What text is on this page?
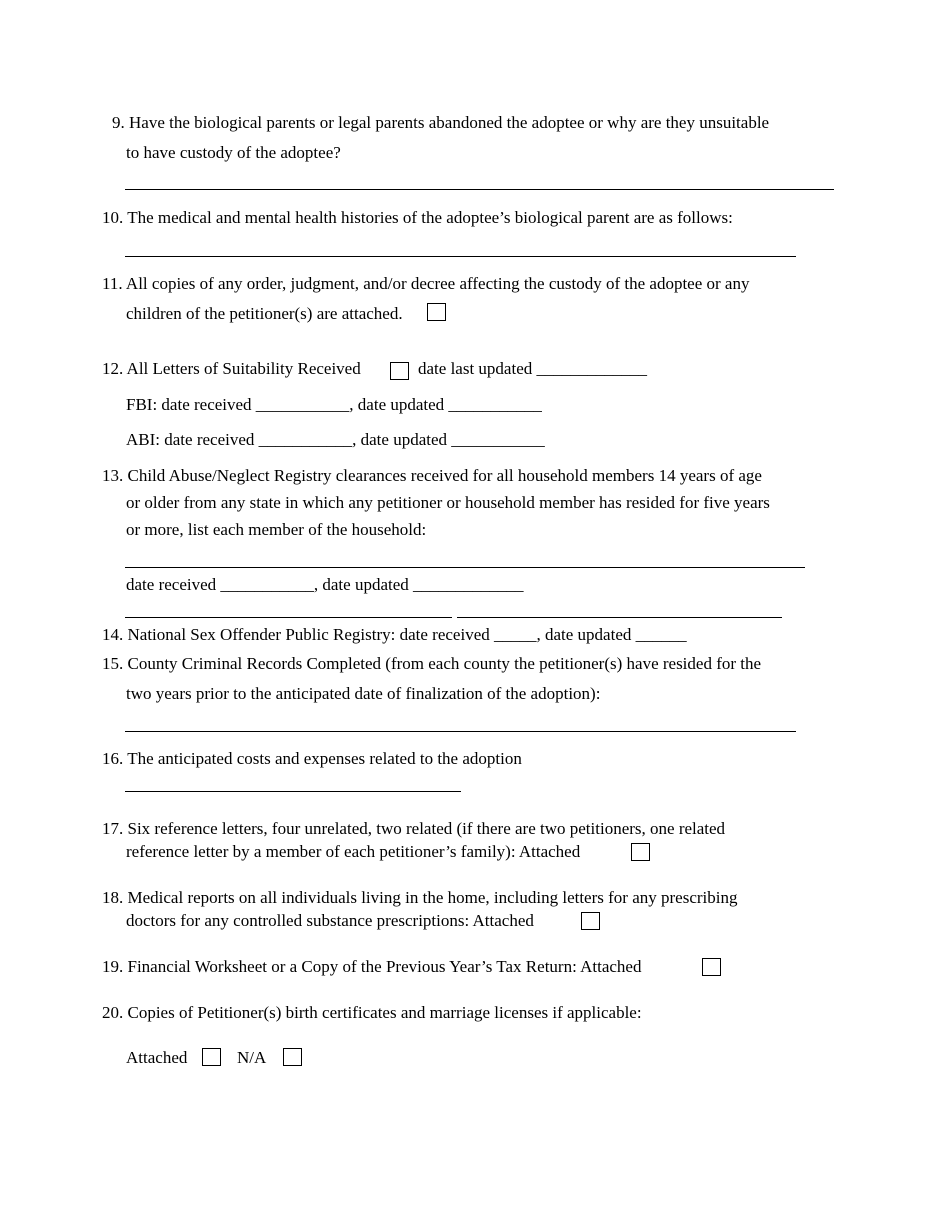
9. Have the biological parents or legal parents abandoned the adoptee or why are they unsuitable
to have custody of the adoptee?
10. The medical and mental health histories of the adoptee’s biological parent are as follows:
11. All copies of any order, judgment, and/or decree affecting the custody of the adoptee or any
children of the petitioner(s) are attached.
12. All Letters of Suitability Received	date last updated _____________
FBI: date received ___________, date updated ___________
ABI: date received ___________, date updated ___________
13. Child Abuse/Neglect Registry clearances received for all household members 14 years of age
or older from any state in which any petitioner or household member has resided for five years
or more, list each member of the household:
date received ___________, date updated _____________
14. National Sex Offender Public Registry: date received _____, date updated ______
15. County Criminal Records Completed (from each county the petitioner(s) have resided for the
two years prior to the anticipated date of finalization of the adoption):
16. The anticipated costs and expenses related to the adoption
17. Six reference letters, four unrelated, two related (if there are two petitioners, one related
reference letter by a member of each petitioner’s family): Attached
18. Medical reports on all individuals living in the home, including letters for any prescribing
doctors for any controlled substance prescriptions: Attached
19. Financial Worksheet or a Copy of the Previous Year’s Tax Return: Attached
20. Copies of Petitioner(s) birth certificates and marriage licenses if applicable:
Attached	N/A
